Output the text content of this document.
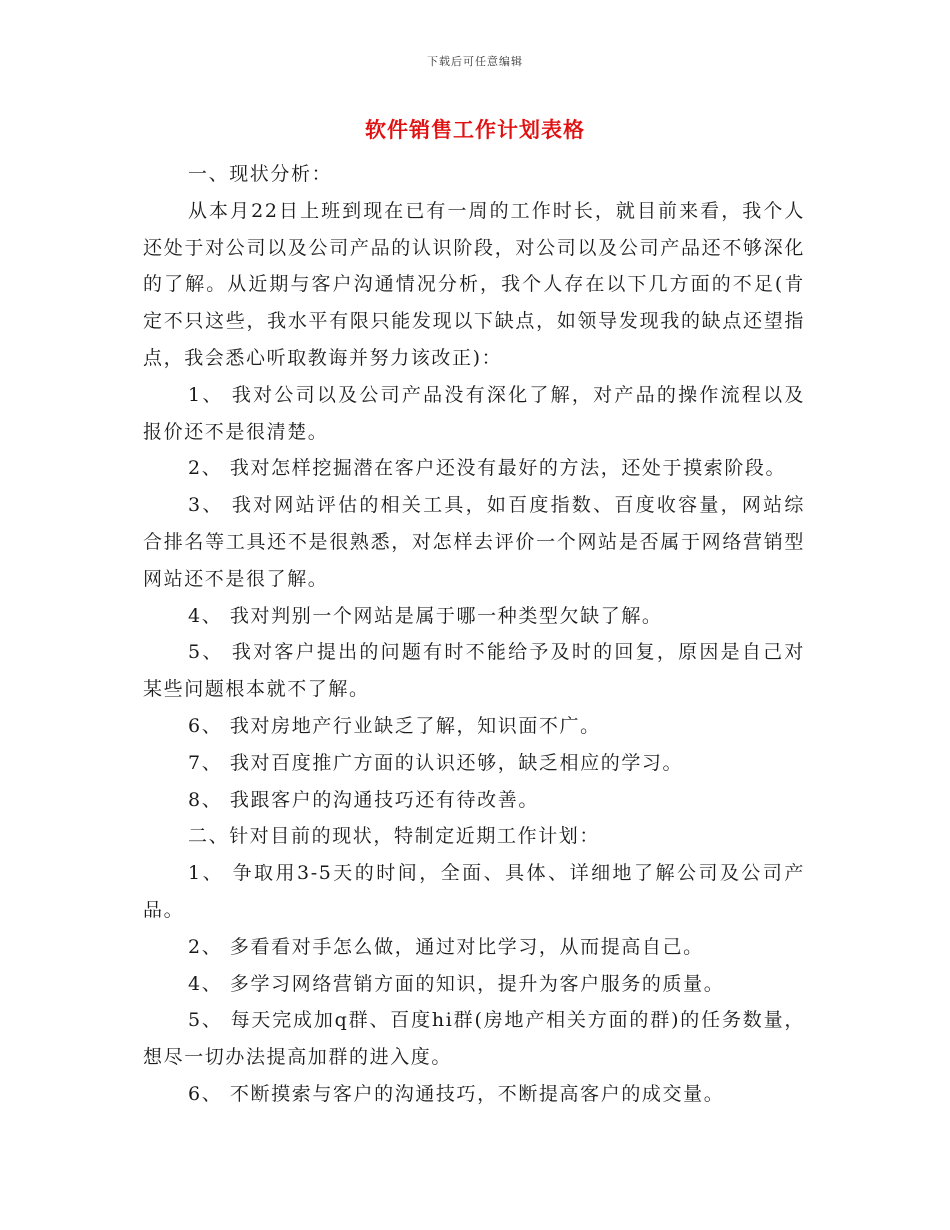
下载后可任意编辑
软件销售工作计划表格

一、现状分析：

从本月22日上班到现在已有一周的工作时长，就目前来看，我个人还处于对公司以及公司产品的认识阶段，对公司以及公司产品还不够深化的了解。从近期与客户沟通情况分析，我个人存在以下几方面的不足(肯定不只这些，我水平有限只能发现以下缺点，如领导发现我的缺点还望指点，我会悉心听取教诲并努力该改正)：

1、 我对公司以及公司产品没有深化了解，对产品的操作流程以及报价还不是很清楚。

2、 我对怎样挖掘潜在客户还没有最好的方法，还处于摸索阶段。

3、 我对网站评估的相关工具，如百度指数、百度收容量，网站综合排名等工具还不是很熟悉，对怎样去评价一个网站是否属于网络营销型网站还不是很了解。

4、 我对判别一个网站是属于哪一种类型欠缺了解。

5、 我对客户提出的问题有时不能给予及时的回复，原因是自己对某些问题根本就不了解。

6、 我对房地产行业缺乏了解，知识面不广。

7、 我对百度推广方面的认识还够，缺乏相应的学习。

8、 我跟客户的沟通技巧还有待改善。

二、针对目前的现状，特制定近期工作计划：

1、 争取用3-5天的时间，全面、具体、详细地了解公司及公司产品。

2、 多看看对手怎么做，通过对比学习，从而提高自己。

4、 多学习网络营销方面的知识，提升为客户服务的质量。

5、 每天完成加q群、百度hi群(房地产相关方面的群)的任务数量，想尽一切办法提高加群的进入度。

6、 不断摸索与客户的沟通技巧，不断提高客户的成交量。
